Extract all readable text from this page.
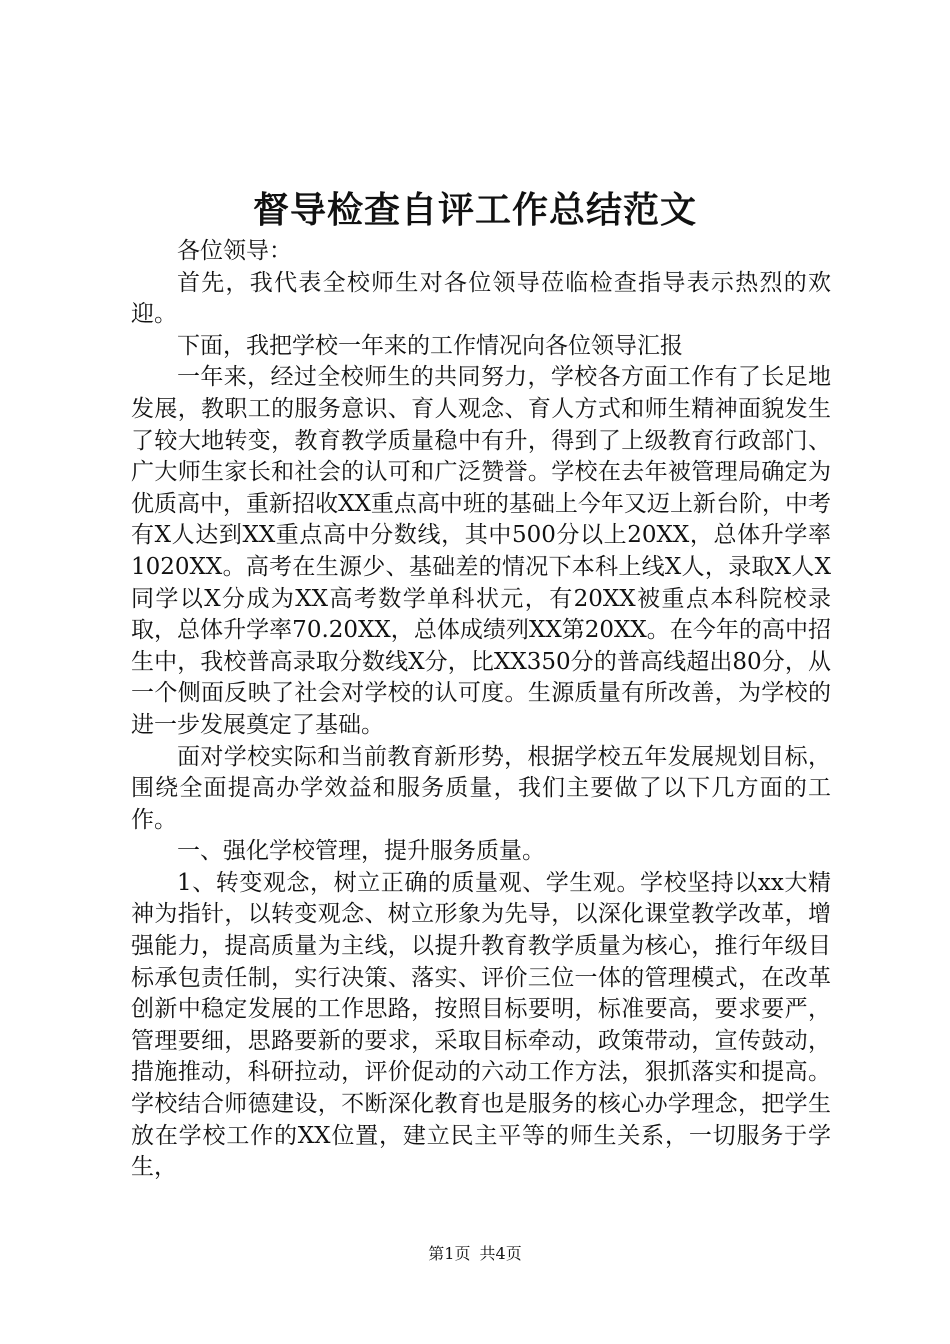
督导检查自评工作总结范文

各位领导：

首先，我代表全校师生对各位领导莅临检查指导表示热烈的欢迎。

下面，我把学校一年来的工作情况向各位领导汇报

一年来，经过全校师生的共同努力，学校各方面工作有了长足地发展，教职工的服务意识、育人观念、育人方式和师生精神面貌发生了较大地转变，教育教学质量稳中有升，得到了上级教育行政部门、广大师生家长和社会的认可和广泛赞誉。学校在去年被管理局确定为优质高中，重新招收XX重点高中班的基础上今年又迈上新台阶，中考有X人达到XX重点高中分数线，其中500分以上20XX，总体升学率1020XX。高考在生源少、基础差的情况下本科上线X人，录取X人X同学以X分成为XX高考数学单科状元，有20XX被重点本科院校录取，总体升学率70.20XX，总体成绩列XX第20XX。在今年的高中招生中，我校普高录取分数线X分，比XX350分的普高线超出80分，从一个侧面反映了社会对学校的认可度。生源质量有所改善，为学校的进一步发展奠定了基础。

面对学校实际和当前教育新形势，根据学校五年发展规划目标，围绕全面提高办学效益和服务质量，我们主要做了以下几方面的工作。

一、强化学校管理，提升服务质量。

1、转变观念，树立正确的质量观、学生观。学校坚持以xx大精神为指针，以转变观念、树立形象为先导，以深化课堂教学改革，增强能力，提高质量为主线，以提升教育教学质量为核心，推行年级目标承包责任制，实行决策、落实、评价三位一体的管理模式，在改革创新中稳定发展的工作思路，按照目标要明，标准要高，要求要严，管理要细，思路要新的要求，采取目标牵动，政策带动，宣传鼓动，措施推动，科研拉动，评价促动的六动工作方法，狠抓落实和提高。学校结合师德建设，不断深化教育也是服务的核心办学理念，把学生放在学校工作的XX位置，建立民主平等的师生关系，一切服务于学生，

第1页 共4页
